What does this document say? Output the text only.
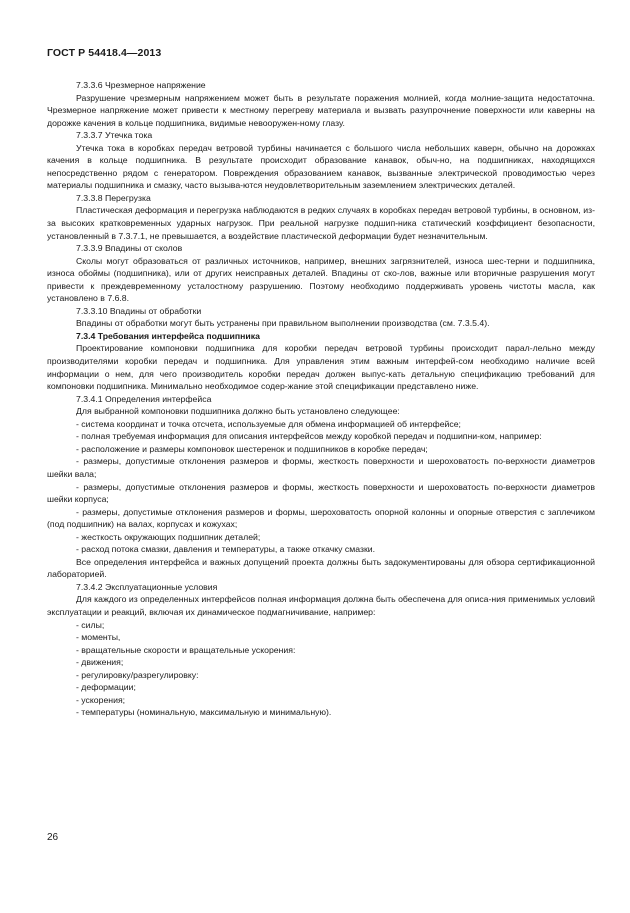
ГОСТ Р 54418.4—2013

7.3.3.6 Чрезмерное напряжение

Разрушение чрезмерным напряжением может быть в результате поражения молнией, когда молние-защита недостаточна. Чрезмерное напряжение может привести к местному перегреву материала и вызвать разупрочнение поверхности или каверны на дорожке качения в кольце подшипника, видимые невооружен-ному глазу.

7.3.3.7 Утечка тока

Утечка тока в коробках передач ветровой турбины начинается с большого числа небольших каверн, обычно на дорожках качения в кольце подшипника. В результате происходит образование канавок, обыч-но, на подшипниках, находящихся непосредственно рядом с генератором. Повреждения образованием канавок, вызванные электрической проводимостью через материалы подшипника и смазку, часто вызыва-ются неудовлетворительным заземлением электрических деталей.

7.3.3.8 Перегрузка

Пластическая деформация и перегрузка наблюдаются в редких случаях в коробках передач ветровой турбины, в основном, из-за высоких кратковременных ударных нагрузок. При реальной нагрузке подшип-ника статический коэффициент безопасности, установленный в 7.3.7.1, не превышается, а воздействие пластической деформации будет незначительным.

7.3.3.9 Впадины от сколов

Сколы могут образоваться от различных источников, например, внешних загрязнителей, износа шес-терни и подшипника, износа обоймы (подшипника), или от других неисправных деталей. Впадины от ско-лов, важные или вторичные разрушения могут привести к преждевременному усталостному разрушению. Поэтому необходимо поддерживать уровень чистоты масла, как установлено в 7.6.8.

7.3.3.10 Впадины от обработки

Впадины от обработки могут быть устранены при правильном выполнении производства (см. 7.3.5.4).

7.3.4 Требования интерфейса подшипника

Проектирование компоновки подшипника для коробки передач ветровой турбины происходит парал-лельно между производителями коробки передач и подшипника. Для управления этим важным интерфей-сом необходимо наличие всей информации о нем, для чего производитель коробки передач должен выпус-кать детальную спецификацию требований для компоновки подшипника. Минимально необходимое содер-жание этой спецификации представлено ниже.

7.3.4.1 Определения интерфейса

Для выбранной компоновки подшипника должно быть установлено следующее:

- система координат и точка отсчета, используемые для обмена информацией об интерфейсе;

- полная требуемая информация для описания интерфейсов между коробкой передач и подшипни-ком, например:

- расположение и размеры компоновок шестеренок и подшипников в коробке передач;

- размеры, допустимые отклонения размеров и формы, жесткость поверхности и шероховатость по-верхности диаметров шейки вала;

- размеры, допустимые отклонения размеров и формы, жесткость поверхности и шероховатость по-верхности диаметров шейки корпуса;

- размеры, допустимые отклонения размеров и формы, шероховатость опорной колонны и опорные отверстия с заплечиком (под подшипник) на валах, корпусах и кожухах;

- жесткость окружающих подшипник деталей;

- расход потока смазки, давления и температуры, а также откачку смазки.

Все определения интерфейса и важных допущений проекта должны быть задокументированы для обзора сертификационной лабораторией.

7.3.4.2 Эксплуатационные условия

Для каждого из определенных интерфейсов полная информация должна быть обеспечена для описа-ния применимых условий эксплуатации и реакций, включая их динамическое подмагничивание, например:

- силы;

- моменты,

- вращательные скорости и вращательные ускорения:

- движения;

- регулировку/разрегулировку:

- деформации;

- ускорения;

- температуры (номинальную, максимальную и минимальную).

26
